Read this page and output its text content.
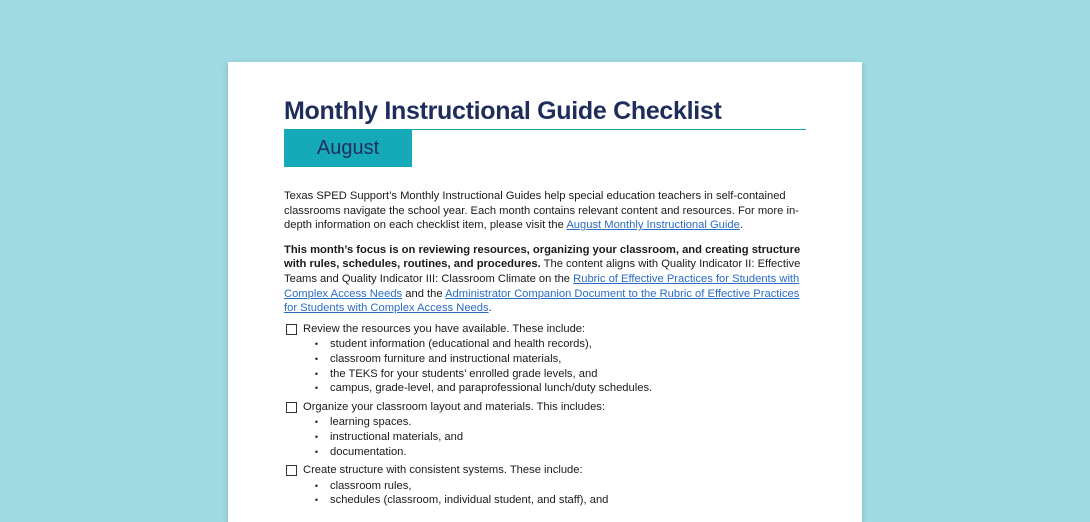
Monthly Instructional Guide Checklist
August

Texas SPED Support’s Monthly Instructional Guides help special education teachers in self-contained classrooms navigate the school year. Each month contains relevant content and resources. For more in-depth information on each checklist item, please visit the August Monthly Instructional Guide.

This month’s focus is on reviewing resources, organizing your classroom, and creating structure with rules, schedules, routines, and procedures. The content aligns with Quality Indicator II: Effective Teams and Quality Indicator III: Classroom Climate on the Rubric of Effective Practices for Students with Complex Access Needs and the Administrator Companion Document to the Rubric of Effective Practices for Students with Complex Access Needs.

Review the resources you have available. These include:
•	student information (educational and health records),
•	classroom furniture and instructional materials,
•	the TEKS for your students’ enrolled grade levels, and
•	campus, grade-level, and paraprofessional lunch/duty schedules.
Organize your classroom layout and materials. This includes:
•	learning spaces.
•	instructional materials, and
•	documentation.
Create structure with consistent systems. These include:
•	classroom rules,
•	schedules (classroom, individual student, and staff), and
